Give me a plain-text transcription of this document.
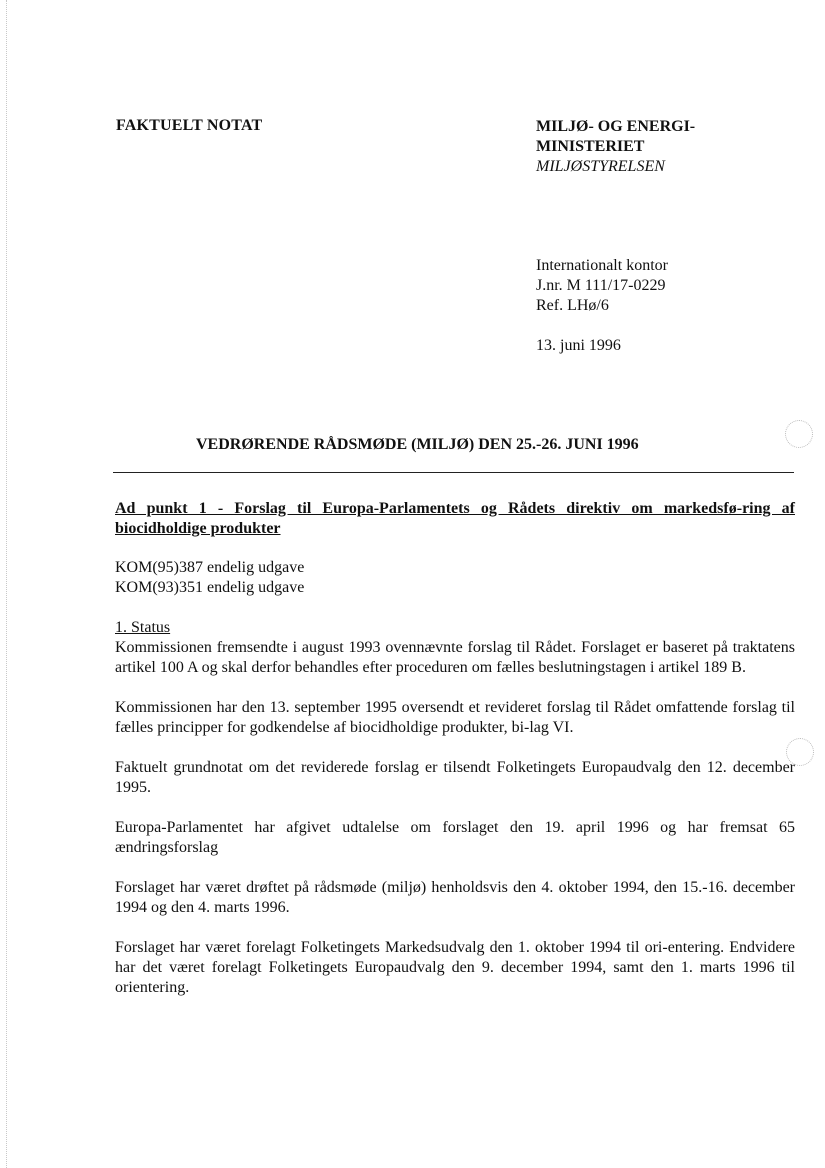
FAKTUELT NOTAT	MILJØ- OG ENERGI-
MINISTERIET
MILJØSTYRELSEN
Internationalt kontor
J.nr. M 111/17-0229
Ref. LHø/6
13. juni 1996
VEDRØRENDE RÅDSMØDE (MILJØ) DEN 25.-26. JUNI 1996
Ad punkt 1 - Forslag til Europa-Parlamentets og Rådets direktiv om markedsfø-ring af biocidholdige produkter
KOM(95)387 endelig udgave
KOM(93)351 endelig udgave
1. Status

Kommissionen fremsendte i august 1993 ovennævnte forslag til Rådet. Forslaget er baseret på traktatens artikel 100 A og skal derfor behandles efter proceduren om fælles beslutningstagen i artikel 189 B.

Kommissionen har den 13. september 1995 oversendt et revideret forslag til Rådet omfattende forslag til fælles principper for godkendelse af biocidholdige produkter, bi-lag VI.

Faktuelt grundnotat om det reviderede forslag er tilsendt Folketingets Europaudvalg den 12. december 1995.

Europa-Parlamentet har afgivet udtalelse om forslaget den 19. april 1996 og har fremsat 65 ændringsforslag

Forslaget har været drøftet på rådsmøde (miljø) henholdsvis den 4. oktober 1994, den 15.-16. december 1994 og den 4. marts 1996.

Forslaget har været forelagt Folketingets Markedsudvalg den 1. oktober 1994 til ori-entering. Endvidere har det været forelagt Folketingets Europaudvalg den 9. december 1994, samt den 1. marts 1996 til orientering.
